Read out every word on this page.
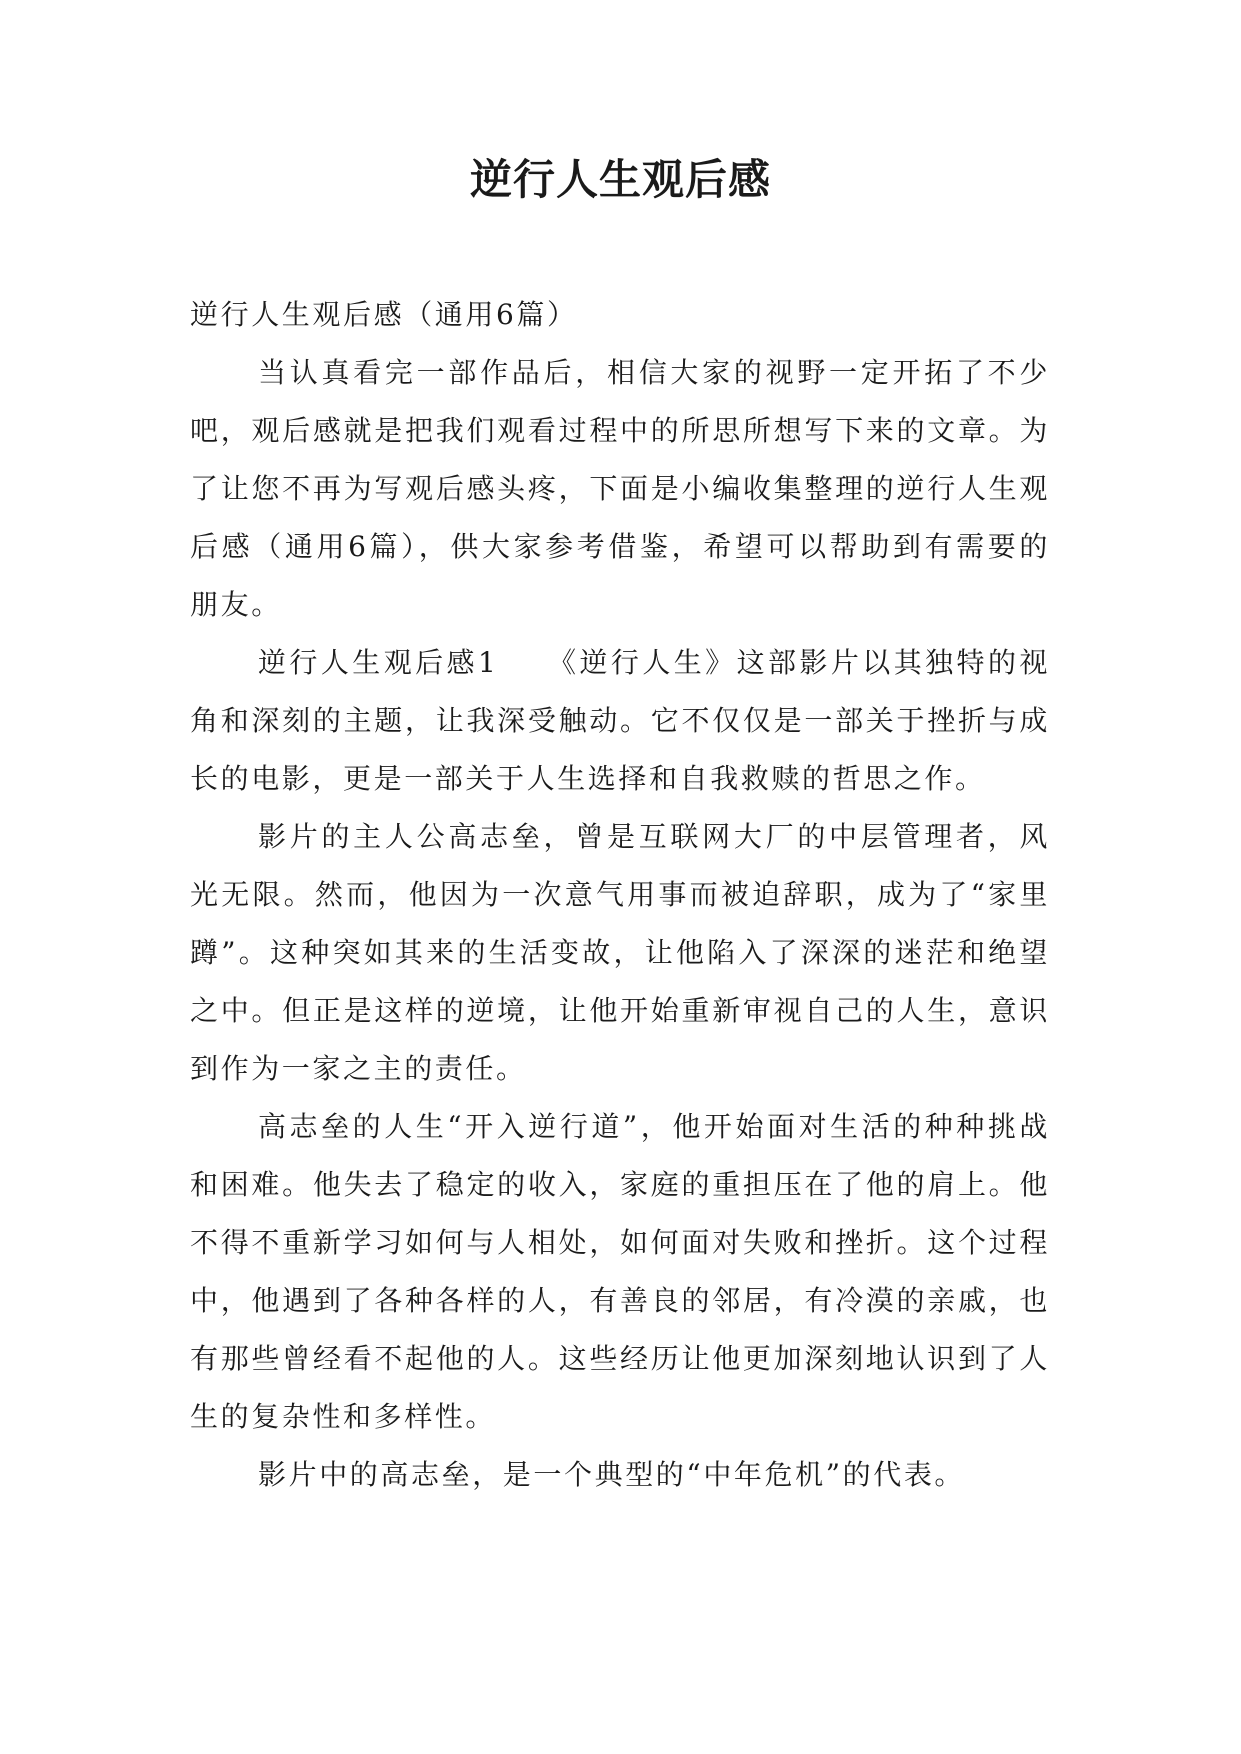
逆行人生观后感

逆行人生观后感（通用6篇）

当认真看完一部作品后，相信大家的视野一定开拓了不少吧，观后感就是把我们观看过程中的所思所想写下来的文章。为了让您不再为写观后感头疼，下面是小编收集整理的逆行人生观后感（通用6篇），供大家参考借鉴，希望可以帮助到有需要的朋友。

逆行人生观后感1　　《逆行人生》这部影片以其独特的视角和深刻的主题，让我深受触动。它不仅仅是一部关于挫折与成长的电影，更是一部关于人生选择和自我救赎的哲思之作。

影片的主人公高志垒，曾是互联网大厂的中层管理者，风光无限。然而，他因为一次意气用事而被迫辞职，成为了“家里蹲”。这种突如其来的生活变故，让他陷入了深深的迷茫和绝望之中。但正是这样的逆境，让他开始重新审视自己的人生，意识到作为一家之主的责任。

高志垒的人生“开入逆行道”，他开始面对生活的种种挑战和困难。他失去了稳定的收入，家庭的重担压在了他的肩上。他不得不重新学习如何与人相处，如何面对失败和挫折。这个过程中，他遇到了各种各样的人，有善良的邻居，有冷漠的亲戚，也有那些曾经看不起他的人。这些经历让他更加深刻地认识到了人生的复杂性和多样性。

影片中的高志垒，是一个典型的“中年危机”的代表。
